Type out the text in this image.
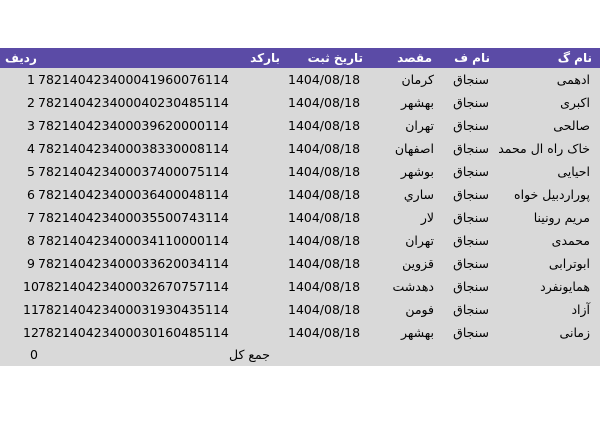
نام گ
نام ف
مقصد
تاریخ ثبت
بارکد
ردیف
ادهمی
سنجاق
کرمان
1404/08/18
782140423400041960076114
1
اکبری
سنجاق
بهشهر
1404/08/18
782140423400040230485114
2
صالحی
سنجاق
تهران
1404/08/18
782140423400039620000114
3
خاک راه ال محمد
سنجاق
اصفهان
1404/08/18
782140423400038330008114
4
احیایی
سنجاق
بوشهر
1404/08/18
782140423400037400075114
5
پوراردبیل خواه
سنجاق
ساري
1404/08/18
782140423400036400048114
6
مریم رونینا
سنجاق
لار
1404/08/18
782140423400035500743114
7
محمدی
سنجاق
تهران
1404/08/18
782140423400034110000114
8
ابوترابی
سنجاق
قزوین
1404/08/18
782140423400033620034114
9
همایونفرد
سنجاق
دهدشت
1404/08/18
782140423400032670757114
10
آزاد
سنجاق
فومن
1404/08/18
782140423400031930435114
11
زمانی
سنجاق
بهشهر
1404/08/18
782140423400030160485114
12
0	جمع کل
